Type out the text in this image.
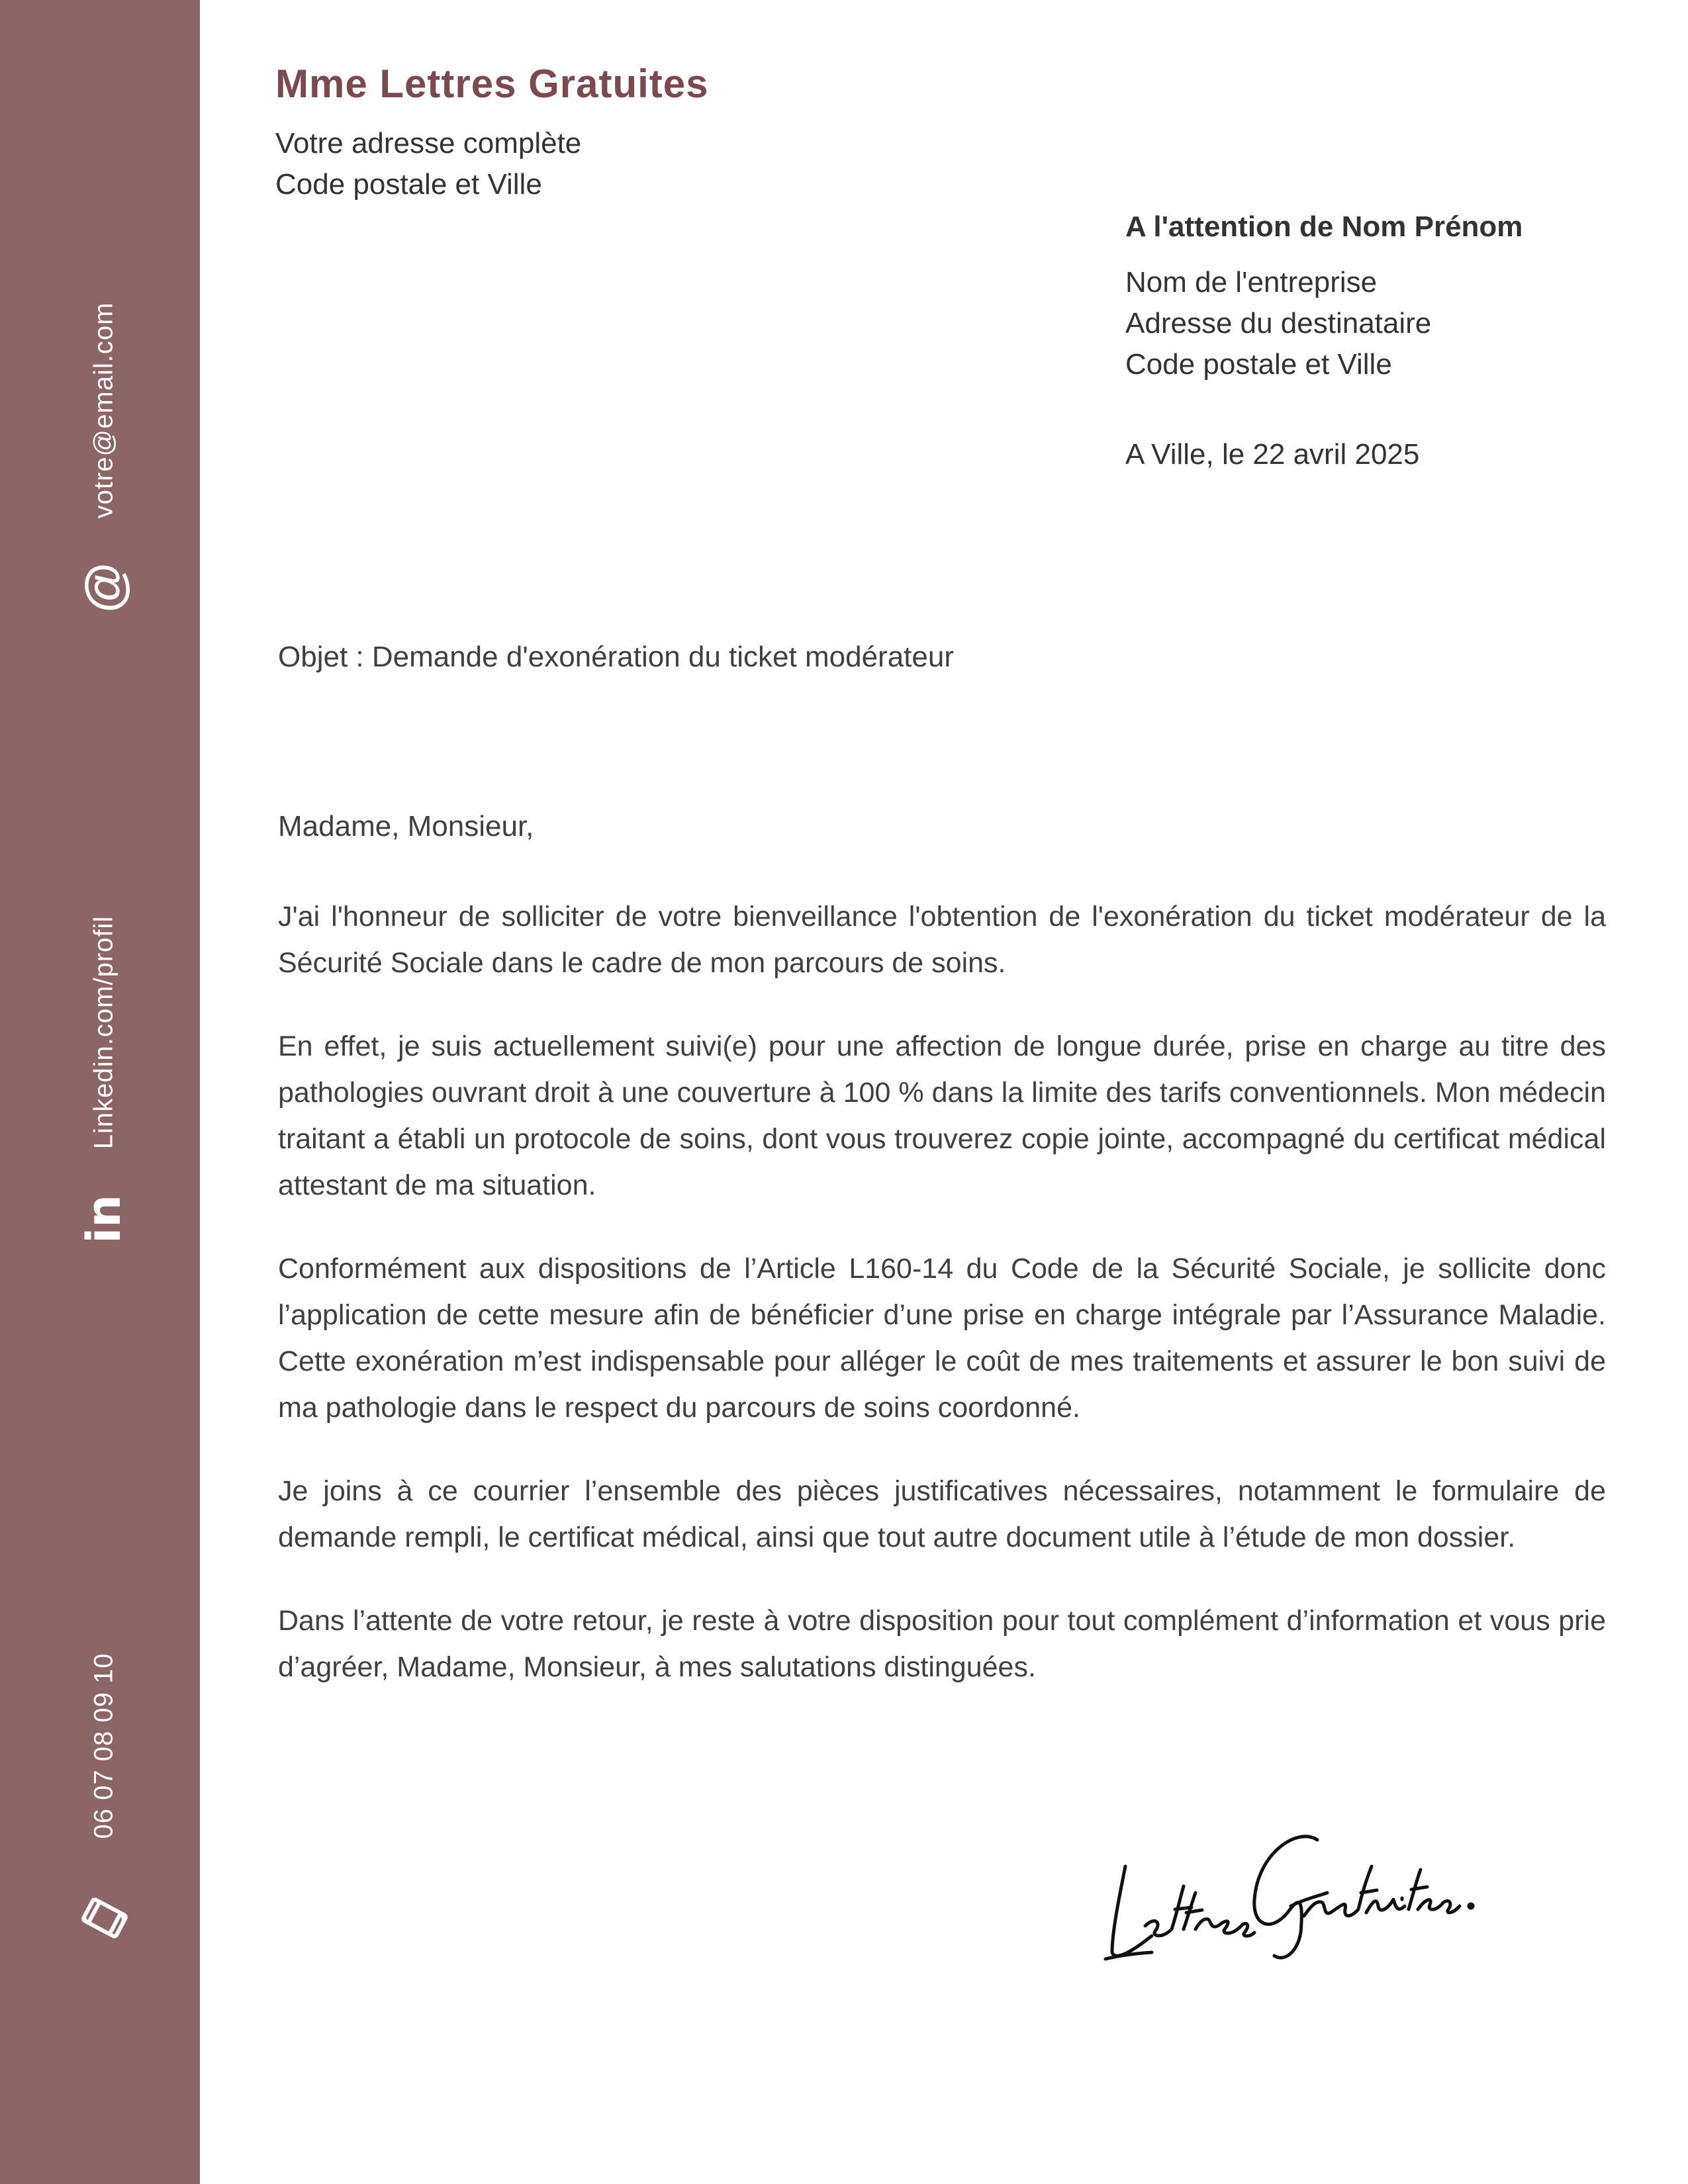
votre@email.com
@
Linkedin.com/profil
in
06 07 08 09 10
Mme Lettres Gratuites
Votre adresse complète
Code postale et Ville
A l'attention de Nom Prénom
Nom de l'entreprise
Adresse du destinataire
Code postale et Ville
A Ville, le 22 avril 2025
Objet : Demande d'exonération du ticket modérateur
Madame, Monsieur,

J'ai l'honneur de solliciter de votre bienveillance l'obtention de l'exonération du ticket modérateur de la Sécurité Sociale dans le cadre de mon parcours de soins.

En effet, je suis actuellement suivi(e) pour une affection de longue durée, prise en charge au titre des pathologies ouvrant droit à une couverture à 100 % dans la limite des tarifs conventionnels. Mon médecin traitant a établi un protocole de soins, dont vous trouverez copie jointe, accompagné du certificat médical attestant de ma situation.

Conformément aux dispositions de l’Article L160-14 du Code de la Sécurité Sociale, je sollicite donc l’application de cette mesure afin de bénéficier d’une prise en charge intégrale par l’Assurance Maladie. Cette exonération m’est indispensable pour alléger le coût de mes traitements et assurer le bon suivi de ma pathologie dans le respect du parcours de soins coordonné.

Je joins à ce courrier l’ensemble des pièces justificatives nécessaires, notamment le formulaire de demande rempli, le certificat médical, ainsi que tout autre document utile à l’étude de mon dossier.

Dans l’attente de votre retour, je reste à votre disposition pour tout complément d’information et vous prie d’agréer, Madame, Monsieur, à mes salutations distinguées.
